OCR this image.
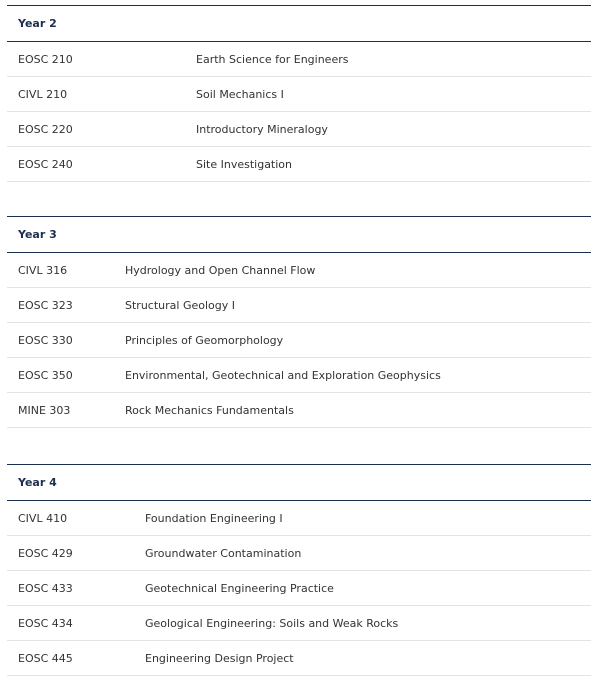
Year 2	
EOSC 210	Earth Science for Engineers
CIVL 210	Soil Mechanics I
EOSC 220	Introductory Mineralogy
EOSC 240	Site Investigation
Year 3	
CIVL 316	Hydrology and Open Channel Flow
EOSC 323	Structural Geology I
EOSC 330	Principles of Geomorphology
EOSC 350	Environmental, Geotechnical and Exploration Geophysics
MINE 303	Rock Mechanics Fundamentals
Year 4	
CIVL 410	Foundation Engineering I
EOSC 429	Groundwater Contamination
EOSC 433	Geotechnical Engineering Practice
EOSC 434	Geological Engineering: Soils and Weak Rocks
EOSC 445	Engineering Design Project
